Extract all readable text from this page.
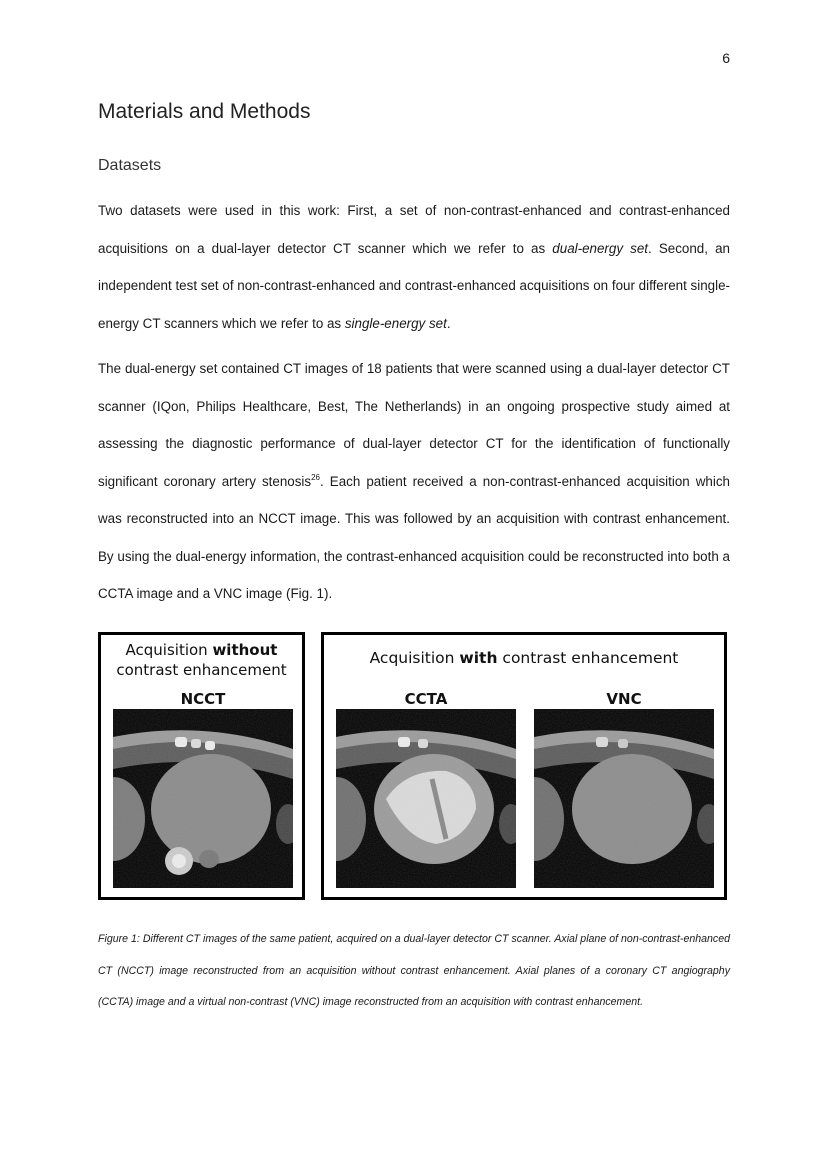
6
Materials and Methods
Datasets

Two datasets were used in this work: First, a set of non-contrast-enhanced and contrast-enhanced acquisitions on a dual-layer detector CT scanner which we refer to as dual-energy set. Second, an independent test set of non-contrast-enhanced and contrast-enhanced acquisitions on four different single-energy CT scanners which we refer to as single-energy set.

The dual-energy set contained CT images of 18 patients that were scanned using a dual-layer detector CT scanner (IQon, Philips Healthcare, Best, The Netherlands) in an ongoing prospective study aimed at assessing the diagnostic performance of dual-layer detector CT for the identification of functionally significant coronary artery stenosis$^{26}$. Each patient received a non-contrast-enhanced acquisition which was reconstructed into an NCCT image. This was followed by an acquisition with contrast enhancement. By using the dual-energy information, the contrast-enhanced acquisition could be reconstructed into both a CCTA image and a VNC image (Fig. 1).

Acquisition without
contrast enhancement
NCCT
Acquisition with contrast enhancement
CCTA	VNC

Figure 1: Different CT images of the same patient, acquired on a dual-layer detector CT scanner. Axial plane of non-contrast-enhanced CT (NCCT) image reconstructed from an acquisition without contrast enhancement. Axial planes of a coronary CT angiography (CCTA) image and a virtual non-contrast (VNC) image reconstructed from an acquisition with contrast enhancement.
